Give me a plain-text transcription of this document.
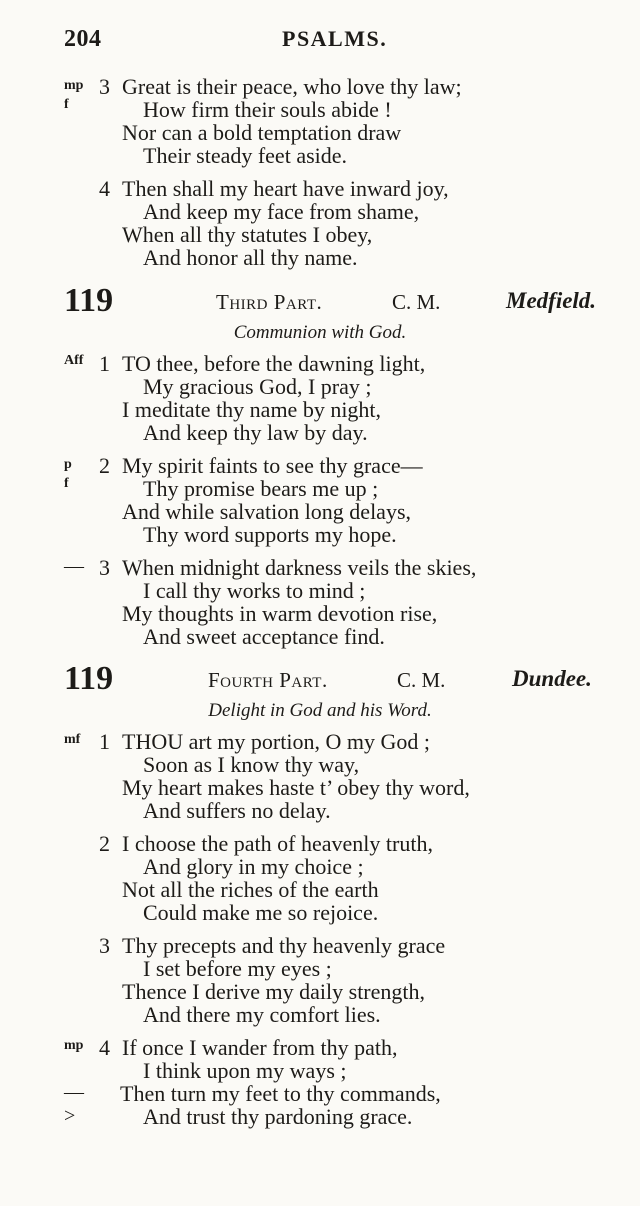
204	PSALMS.
mp 3 Great is their peace, who love thy law;
f	How firm their souls abide !
Nor can a bold temptation draw
Their steady feet aside.
4 Then shall my heart have inward joy,
And keep my face from shame,
When all thy statutes I obey,
And honor all thy name.
119	Third Part.	C. M.	Medfield.
Communion with God.
Aff 1 TO thee, before the dawning light,
My gracious God, I pray ;
I meditate thy name by night,
And keep thy law by day.
p 2 My spirit faints to see thy grace—
f	Thy promise bears me up ;
And while salvation long delays,
Thy word supports my hope.
— 3 When midnight darkness veils the skies,
I call thy works to mind ;
My thoughts in warm devotion rise,
And sweet acceptance find.
119	Fourth Part.	C. M.	Dundee.
Delight in God and his Word.
mf 1 THOU art my portion, O my God ;
Soon as I know thy way,
My heart makes haste t’ obey thy word,
And suffers no delay.
2 I choose the path of heavenly truth,
And glory in my choice ;
Not all the riches of the earth
Could make me so rejoice.
3 Thy precepts and thy heavenly grace
I set before my eyes ;
Thence I derive my daily strength,
And there my comfort lies.
mp 4 If once I wander from thy path,
I think upon my ways ;
— Then turn my feet to thy commands,
>	And trust thy pardoning grace.
